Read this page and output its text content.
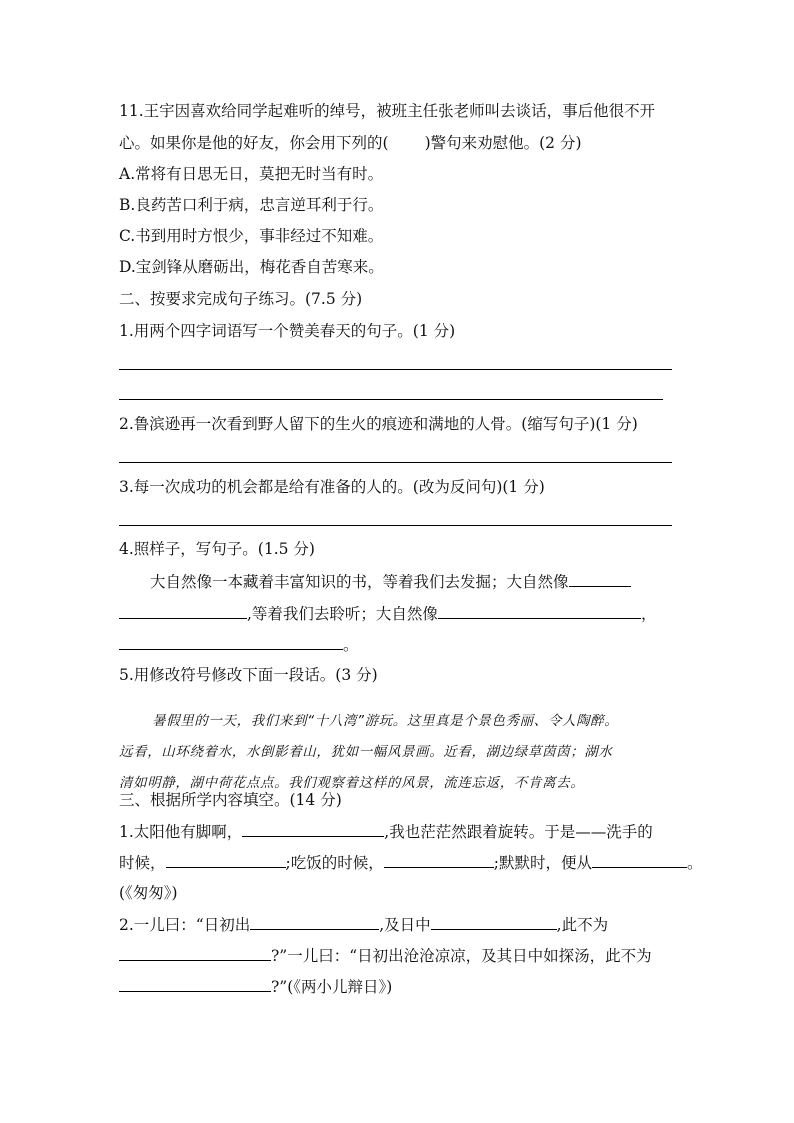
11.王宇因喜欢给同学起难听的绰号，被班主任张老师叫去谈话，事后他很不开

心。如果你是他的好友，你会用下列的( )警句来劝慰他。(2 分)

A.常将有日思无日，莫把无时当有时。

B.良药苦口利于病，忠言逆耳利于行。

C.书到用时方恨少，事非经过不知难。

D.宝剑锋从磨砺出，梅花香自苦寒来。

二、按要求完成句子练习。(7.5 分)

1.用两个四字词语写一个赞美春天的句子。(1 分)

2.鲁滨逊再一次看到野人留下的生火的痕迹和满地的人骨。(缩写句子)(1 分)

3.每一次成功的机会都是给有准备的人的。(改为反问句)(1 分)

4.照样子，写句子。(1.5 分)

大自然像一本藏着丰富知识的书，等着我们去发掘；大自然像

,等着我们去聆听；大自然像	，

。

5.用修改符号修改下面一段话。(3 分)

暑假里的一天，我们来到“十八湾”游玩。这里真是个景色秀丽、令人陶醉。

远看，山环绕着水，水倒影着山，犹如一幅风景画。近看，湖边绿草茵茵；湖水

清如明静，湖中荷花点点。我们观察着这样的风景，流连忘返，不肯离去。

三、根据所学内容填空。(14 分)

1.太阳他有脚啊，	,我也茫茫然跟着旋转。于是——洗手的

时候，	;吃饭的时候，	;默默时，便从	。

(《匆匆》)

2.一儿曰：“日初出	,及日中	,此不为

?”一儿曰：“日初出沧沧凉凉，及其日中如探汤，此不为

?”(《两小儿辩日》)
